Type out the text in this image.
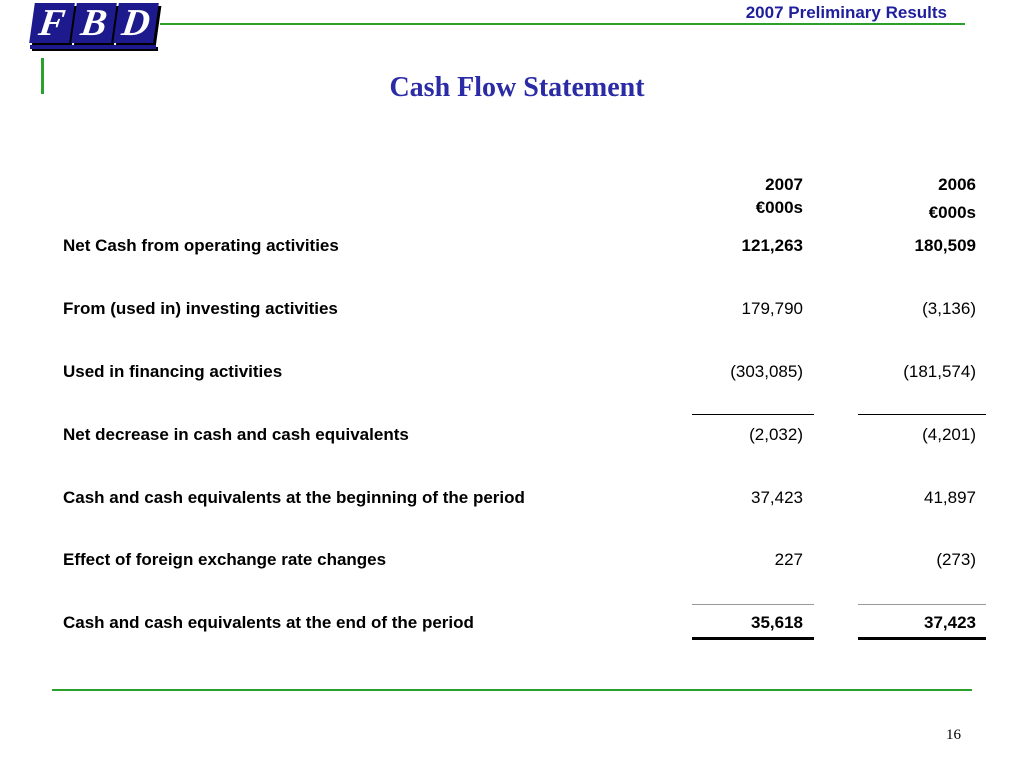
F B D	2007 Preliminary Results
Cash Flow Statement
2007
€000s
2006
€000s
Net Cash from operating activities	121,263	180,509
From (used in) investing activities	179,790	(3,136)
Used in financing activities	(303,085)	(181,574)
Net decrease in cash and cash equivalents	(2,032)	(4,201)
Cash and cash equivalents at the beginning of the period	37,423	41,897
Effect of foreign exchange rate changes	227	(273)
Cash and cash equivalents at the end of the period	35,618	37,423
16
